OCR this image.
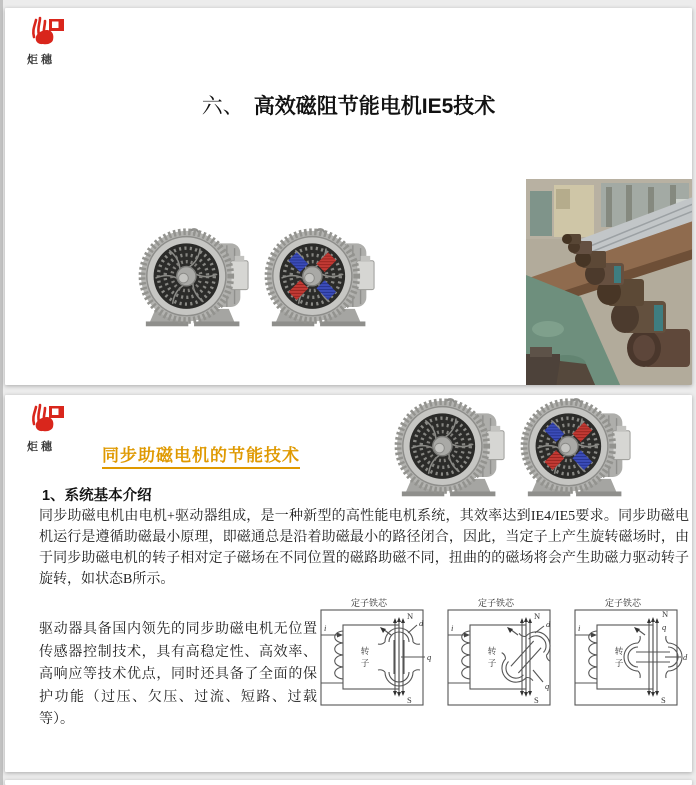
炬穗
六、 高效磁阻节能电机IE5技术
炬穗	同步助磁电机的节能技术
1、系统基本介绍
同步助磁电机由电机+驱动器组成，是一种新型的高性能电机系统，其效率达到IE4/IE5要求。同步助磁电机运行是遵循助磁最小原理，即磁通总是沿着助磁最小的路径闭合，因此，当定子上产生旋转磁场时，由于同步助磁电机的转子相对定子磁场在不同位置的磁路助磁不同，扭曲的的磁场将会产生助磁力驱动转子旋转，如状态B所示。
驱动器具备国内领先的同步助磁电机无位置传感器控制技术，具有高稳定性、高效率、高响应等技术优点，同时还具备了全面的保护功能（过压、欠压、过流、短路、过载等）。
定子铁芯
i
N
S
d
q
转
子
定子铁芯
i
N
S
d
q
转
子
定子铁芯
i
N
S
q
d
转
子
